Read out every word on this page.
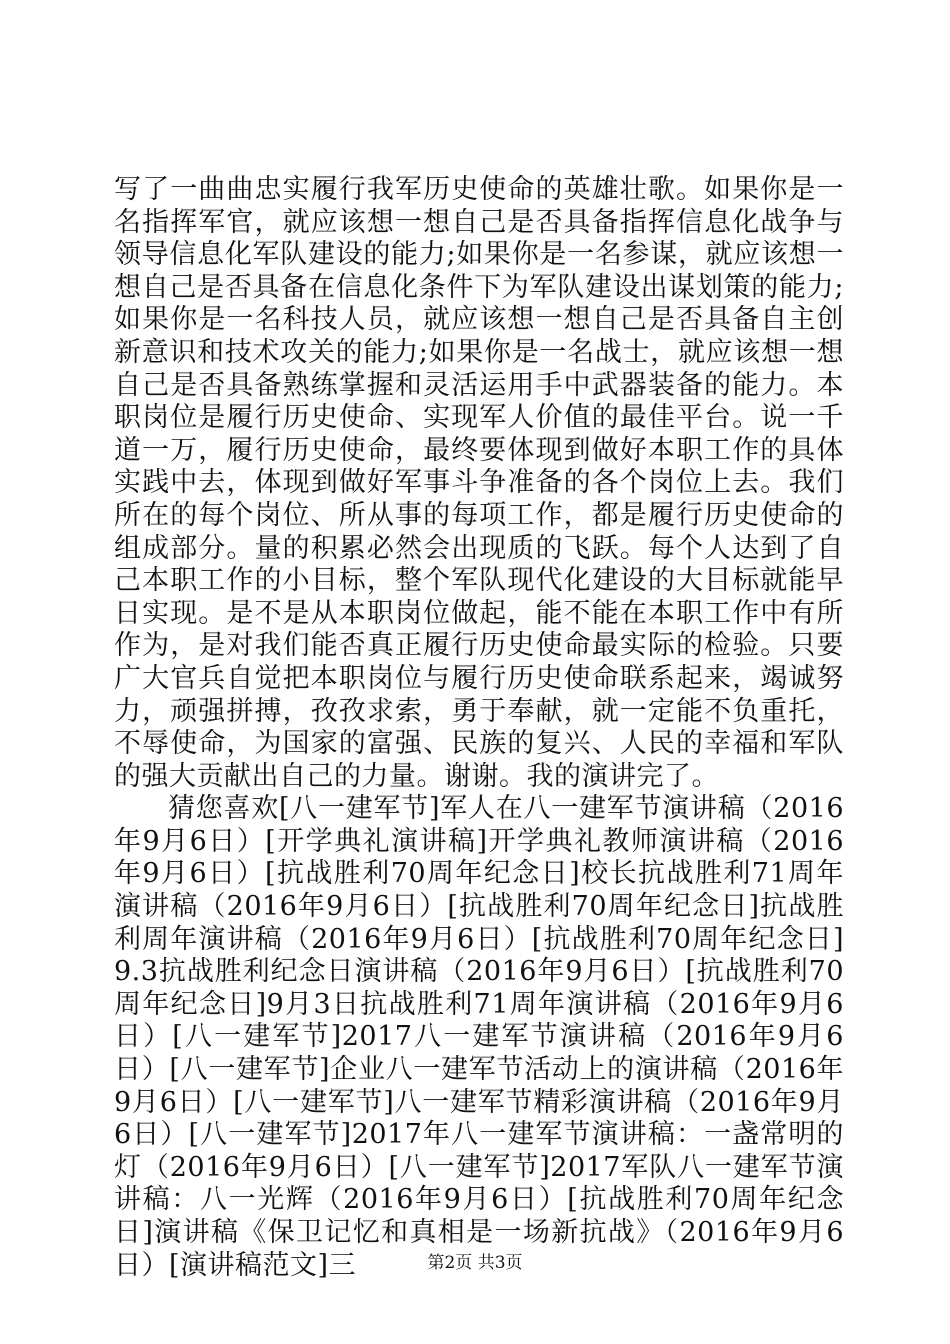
写了一曲曲忠实履行我军历史使命的英雄壮歌。如果你是一名指挥军官，就应该想一想自己是否具备指挥信息化战争与领导信息化军队建设的能力;如果你是一名参谋，就应该想一想自己是否具备在信息化条件下为军队建设出谋划策的能力;如果你是一名科技人员，就应该想一想自己是否具备自主创新意识和技术攻关的能力;如果你是一名战士，就应该想一想自己是否具备熟练掌握和灵活运用手中武器装备的能力。本职岗位是履行历史使命、实现军人价值的最佳平台。说一千道一万，履行历史使命，最终要体现到做好本职工作的具体实践中去，体现到做好军事斗争准备的各个岗位上去。我们所在的每个岗位、所从事的每项工作，都是履行历史使命的组成部分。量的积累必然会出现质的飞跃。每个人达到了自己本职工作的小目标，整个军队现代化建设的大目标就能早日实现。是不是从本职岗位做起，能不能在本职工作中有所作为，是对我们能否真正履行历史使命最实际的检验。只要广大官兵自觉把本职岗位与履行历史使命联系起来，竭诚努力，顽强拼搏，孜孜求索，勇于奉献，就一定能不负重托，不辱使命，为国家的富强、民族的复兴、人民的幸福和军队的强大贡献出自己的力量。谢谢。我的演讲完了。

猜您喜欢[八一建军节]军人在八一建军节演讲稿（2016年9月6日）[开学典礼演讲稿]开学典礼教师演讲稿（2016年9月6日）[抗战胜利70周年纪念日]校长抗战胜利71周年演讲稿（2016年9月6日）[抗战胜利70周年纪念日]抗战胜利周年演讲稿（2016年9月6日）[抗战胜利70周年纪念日]9.3抗战胜利纪念日演讲稿（2016年9月6日）[抗战胜利70周年纪念日]9月3日抗战胜利71周年演讲稿（2016年9月6日）[八一建军节]2017八一建军节演讲稿（2016年9月6日）[八一建军节]企业八一建军节活动上的演讲稿（2016年9月6日）[八一建军节]八一建军节精彩演讲稿（2016年9月6日）[八一建军节]2017年八一建军节演讲稿：一盏常明的灯（2016年9月6日）[八一建军节]2017军队八一建军节演讲稿：八一光辉（2016年9月6日）[抗战胜利70周年纪念日]演讲稿《保卫记忆和真相是一场新抗战》（2016年9月6日）[演讲稿范文]三	第2页 共3页
